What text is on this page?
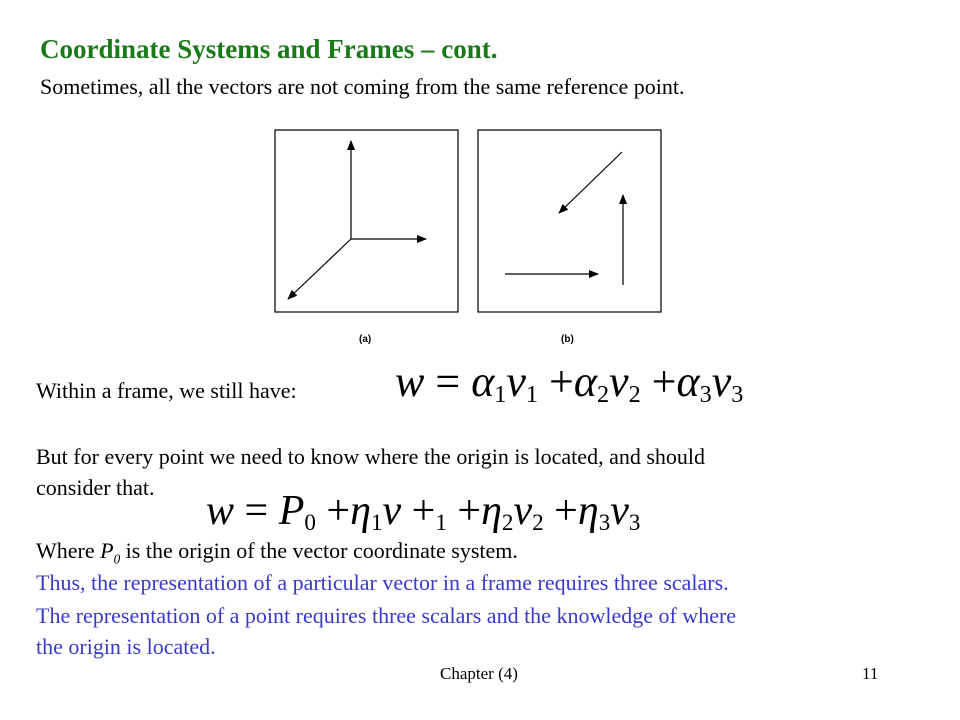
Coordinate Systems and Frames – cont.
Sometimes, all the vectors are not coming from the same reference point.
(a)	(b)
Within a frame, we still have: w = α1v1 +α2v2 +α3v3
But for every point we need to know where the origin is located, and should
consider that.
w = P0 +η1v +1 +η2v2 +η3v3
Where $P_0$ is the origin of the vector coordinate system.
Thus, the representation of a particular vector in a frame requires three scalars.
The representation of a point requires three scalars and the knowledge of where
the origin is located.
Chapter (4)	11
